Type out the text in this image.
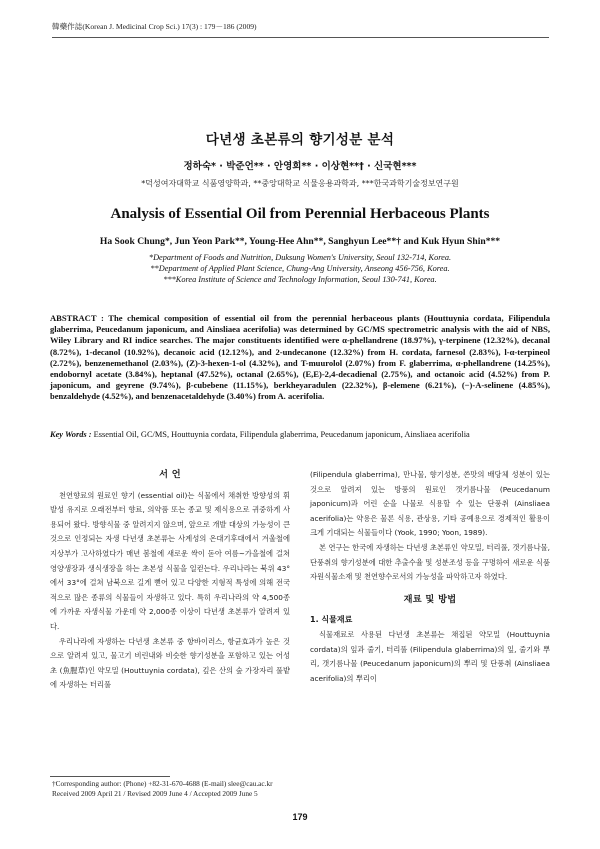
韓藥作誌(Korean J. Medicinal Crop Sci.) 17(3) : 179－186 (2009)
다년생 초본류의 향기성분 분석
정하숙* · 박준언** · 안영희** · 이상현**† · 신국현***
*덕성여자대학교 식품영양학과, **중앙대학교 식물응용과학과, ***한국과학기술정보연구원
Analysis of Essential Oil from Perennial Herbaceous Plants
Ha Sook Chung*, Jun Yeon Park**, Young-Hee Ahn**, Sanghyun Lee**† and Kuk Hyun Shin***
*Department of Foods and Nutrition, Duksung Women's University, Seoul 132-714, Korea.
**Department of Applied Plant Science, Chung-Ang University, Anseong 456-756, Korea.
***Korea Institute of Science and Technology Information, Seoul 130-741, Korea.
ABSTRACT : The chemical composition of essential oil from the perennial herbaceous plants (Houttuynia cordata, Filipendula glaberrima, Peucedanum japonicum, and Ainsliaea acerifolia) was determined by GC/MS spectrometric analysis with the aid of NBS, Wiley Library and RI indice searches. The major constituents identified were α-phellandrene (18.97%), γ-terpinene (12.32%), decanal (8.72%), 1-decanol (10.92%), decanoic acid (12.12%), and 2-undecanone (12.32%) from H. cordata, farnesol (2.83%), l-α-terpineol (2.72%), benzenemethanol (2.03%), (Z)-3-hexen-1-ol (4.32%), and T-muurolol (2.07%) from F. glaberrima, α-phellandrene (14.25%), endobornyl acetate (3.84%), heptanal (47.52%), octanal (2.65%), (E,E)-2,4-decadienal (2.75%), and octanoic acid (4.52%) from P. japonicum, and geyrene (9.74%), β-cubebene (11.15%), berkheyaradulen (22.32%), β-elemene (6.21%), (−)-A-selinene (4.85%), benzaldehyde (4.52%), and benzenacetaldehyde (3.40%) from A. acerifolia.
Key Words : Essential Oil, GC/MS, Houttuynia cordata, Filipendula glaberrima, Peucedanum japonicum, Ainsliaea acerifolia
서 언

천연향료의 원료인 향기 (essential oil)는 식물에서 채취한 방향성의 휘발성 유지로 오래전부터 향료, 의약품 또는 종교 및 제식용으로 귀중하게 사용되어 왔다. 방향식물 중 알려지지 않으며, 앞으로 개발 대상의 가능성이 큰 것으로 인정되는 자생 다년생 초본류는 사계성의 온대기후대에서 겨울철에 지상부가 고사하였다가 매년 봄철에 새로운 싹이 돋아 여름~가을철에 걸쳐 영양생장과 생식생장을 하는 초본성 식물을 일컫는다. 우리나라는 북위 43°에서 33°에 걸쳐 남북으로 길게 뻗어 있고 다양한 지형적 특성에 의해 전국적으로 많은 종류의 식물들이 자생하고 있다. 특히 우리나라의 약 4,500종에 가까운 자생식물 가운데 약 2,000종 이상이 다년생 초본류가 알려져 있다.

우리나라에 자생하는 다년생 초본류 중 항바이러스, 항균효과가 높은 것으로 알려져 있고, 물고기 비린내와 비슷한 향기성분을 포함하고 있는 어성초 (魚腥草)인 약모밀 (Houttuynia cordata), 깊은 산의 숲 가장자리 풀밭에 자생하는 터리풀

(Filipendula glaberrima), 만나물, 향기성분, 쓴맛의 배당체 성분이 있는 것으로 알려져 있는 방풍의 원료인 갯기름나물 (Peucedanum japonicum)과 어린 순을 나물로 식용할 수 있는 단풍취 (Ainsliaea acerifolia)는 약용은 물론 식용, 관상용, 기타 공예용으로 경제적인 활용이 크게 기대되는 식물들이다 (Yook, 1990; Yoon, 1989).

본 연구는 한국에 자생하는 다년생 초본류인 약모밀, 터리풀, 갯기름나물, 단풍취의 향기성분에 대한 추출수율 및 성분조성 등을 구명하여 새로운 식품자원식물소재 및 천연향수로서의 가능성을 파악하고자 하였다.

재료 및 방법
1. 식물재료

식물재료로 사용된 다년생 초본류는 채집된 약모밀 (Houttuynia cordata)의 잎과 줄기, 터리풀 (Filipendula glaberrima)의 잎, 줄기와 뿌리, 갯기름나물 (Peucedanum japonicum)의 뿌리 및 단풍취 (Ainsliaea acerifolia)의 뿌리이

†Corresponding author: (Phone) +82-31-670-4688 (E-mail) slee@cau.ac.kr
Received 2009 April 21 / Revised 2009 June 4 / Accepted 2009 June 5
179
